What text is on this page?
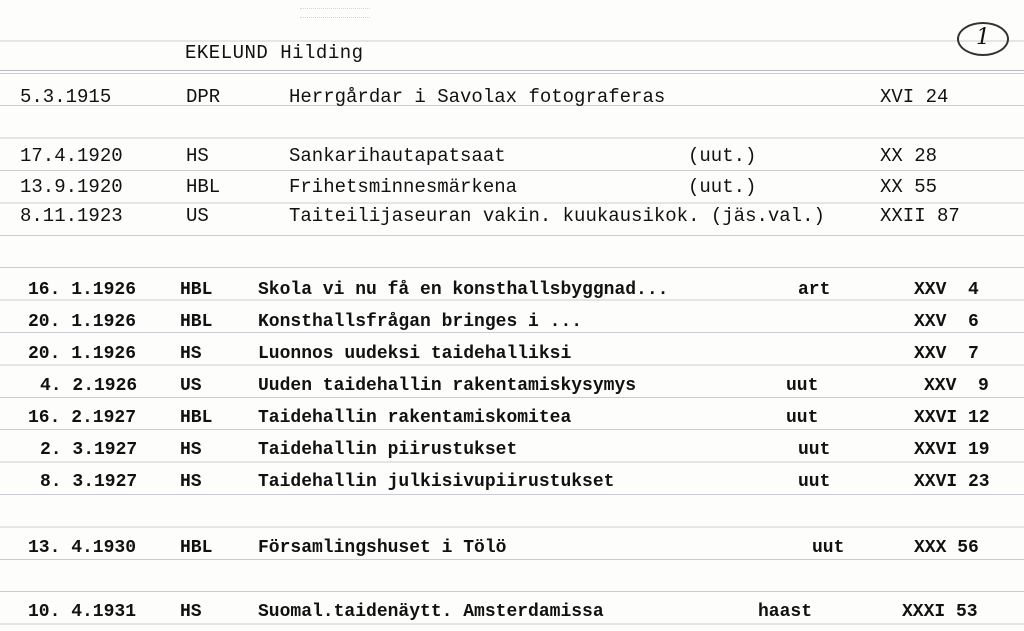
EKELUND Hilding
1
5.3.1915	DPR	Herrgårdar i Savolax fotograferas	XVI 24
17.4.1920	HS	Sankarihautapatsaat	(uut.)	XX 28
13.9.1920	HBL	Frihetsminnesmärkena	(uut.)	XX 55
8.11.1923	US	Taiteilijaseuran vakin. kuukausikok. (jäs.val.)	XXII 87
16. 1.1926 HBL	Skola vi nu få en konsthallsbyggnad...	art	XXV  4
20. 1.1926 HBL	Konsthallsfrågan bringes i ...	XXV  6
20. 1.1926 HS	Luonnos uudeksi taidehalliksi	XXV  7
4. 2.1926 US	Uuden taidehallin rakentamiskysymys	uut	XXV  9
16. 2.1927 HBL	Taidehallin rakentamiskomitea	uut	XXVI 12
2. 3.1927 HS	Taidehallin piirustukset	uut	XXVI 19
8. 3.1927 HS	Taidehallin julkisivupiirustukset	uut	XXVI 23
13. 4.1930 HBL	Församlingshuset i Tölö	uut	XXX 56
10. 4.1931 HS	Suomal.taidenäytt. Amsterdamissa	haast	XXXI 53
